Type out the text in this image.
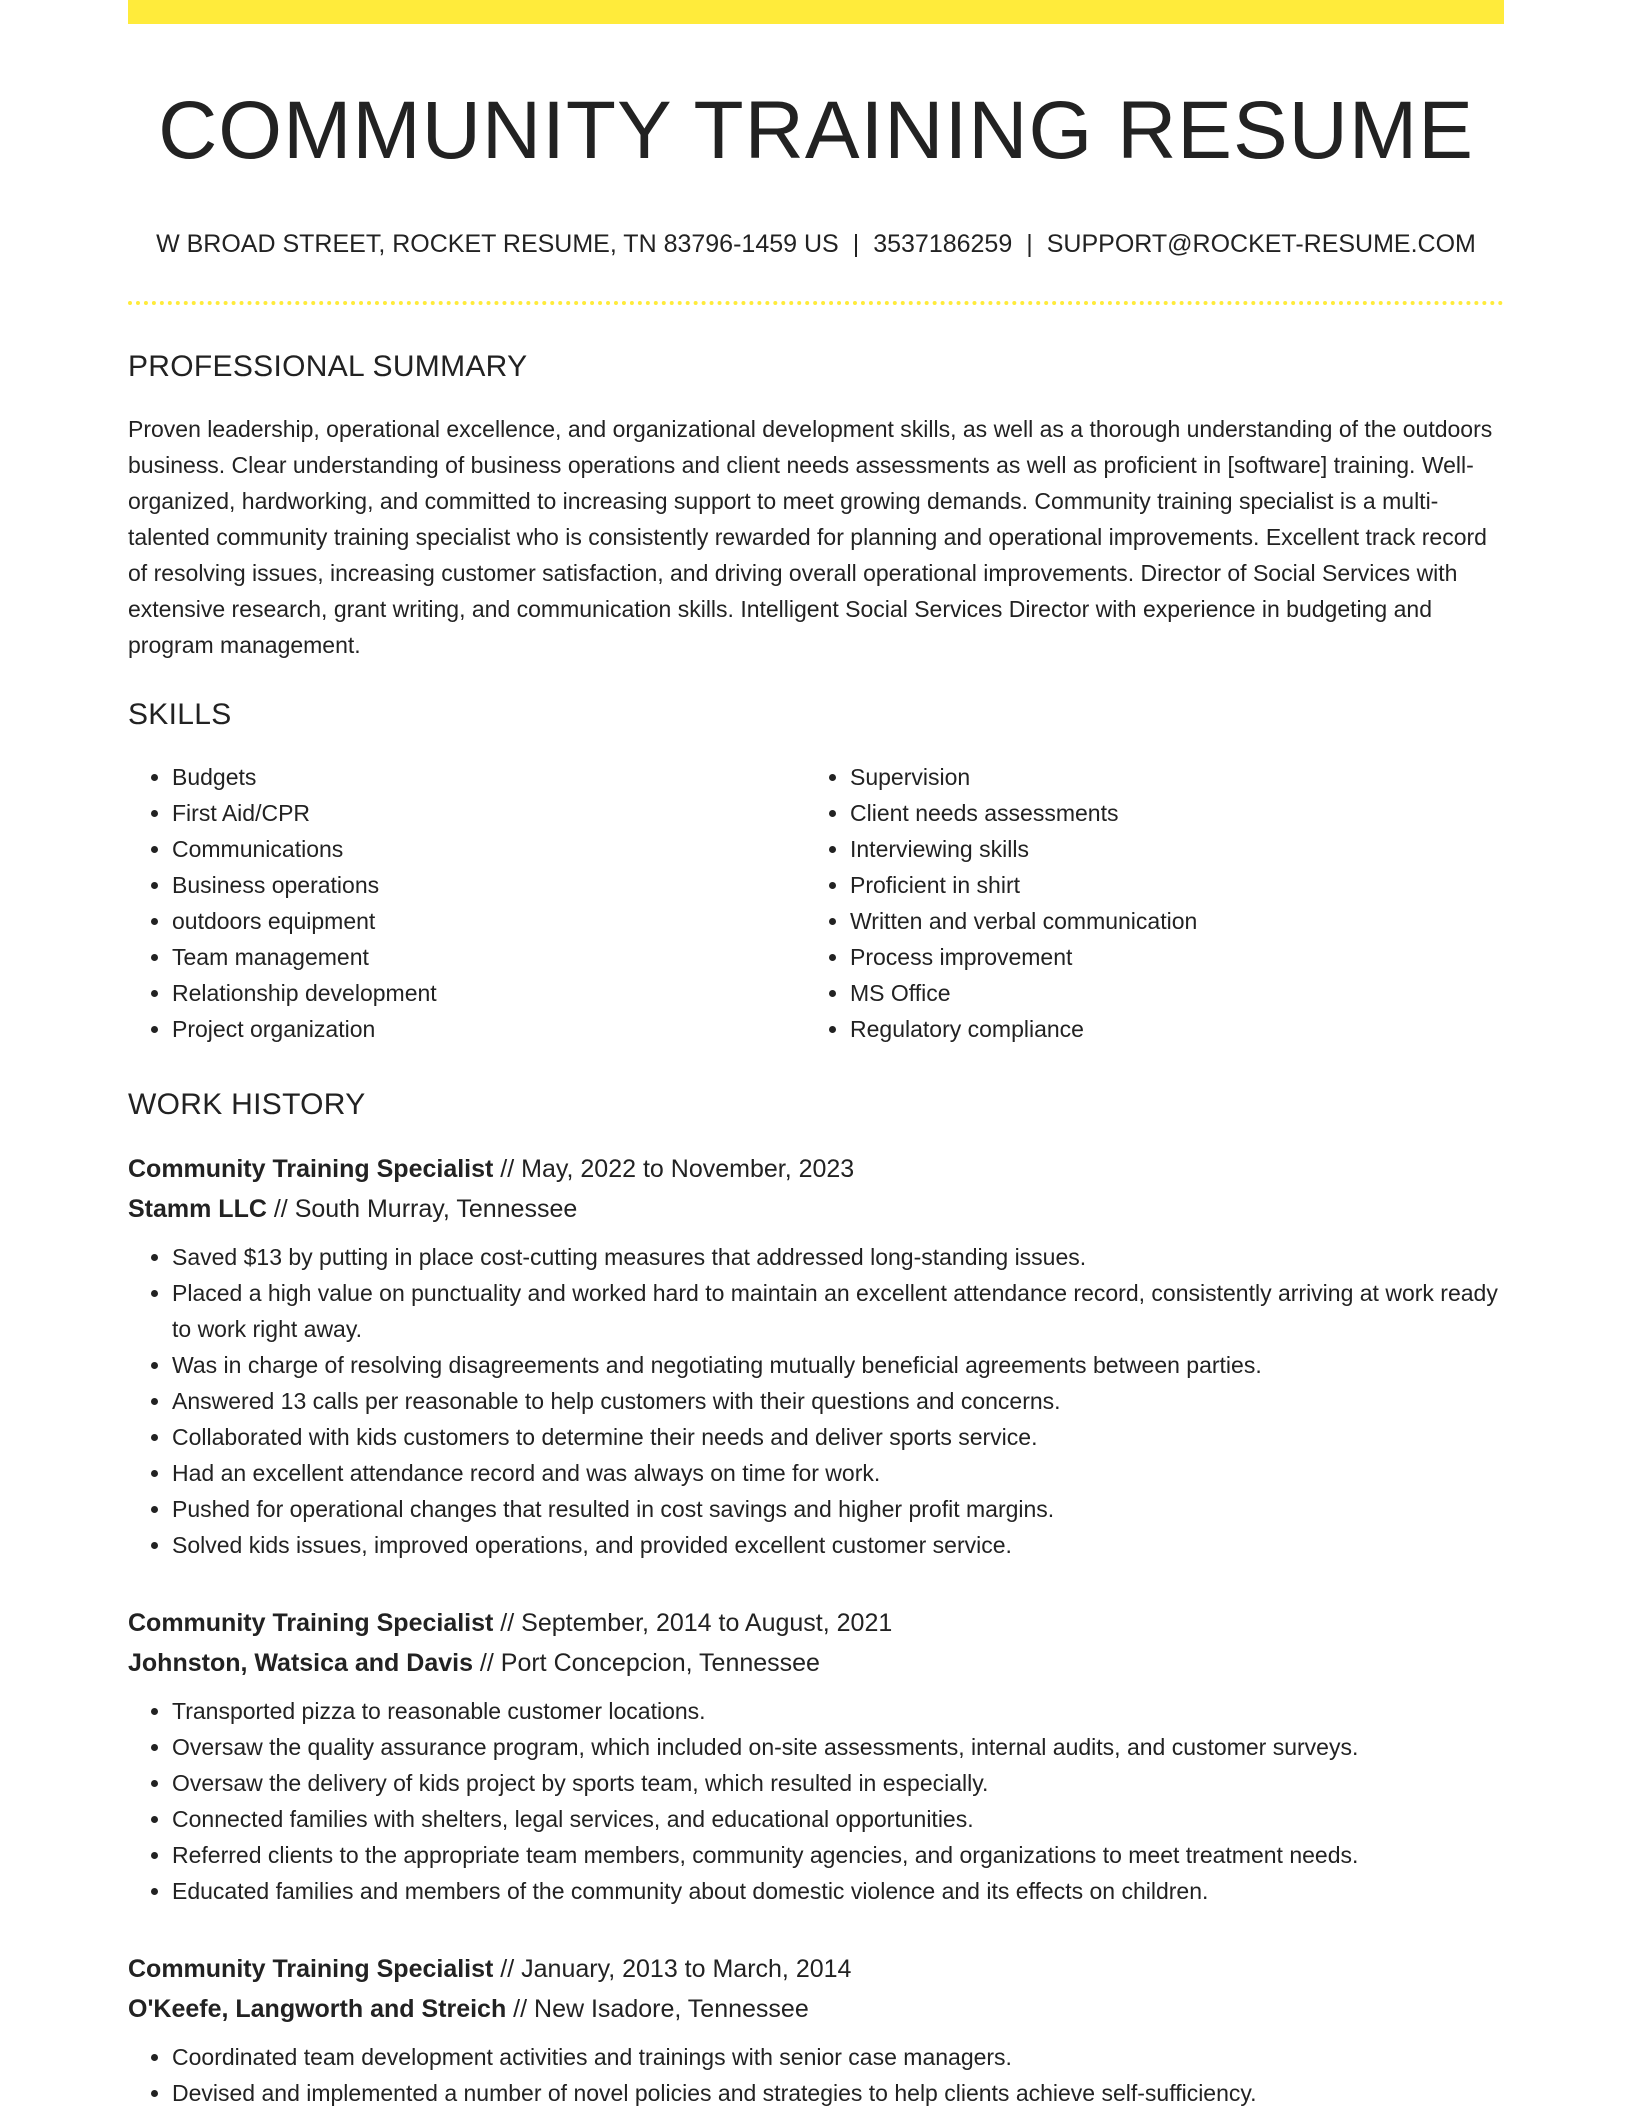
COMMUNITY TRAINING RESUME
W BROAD STREET, ROCKET RESUME, TN 83796-1459 US | 3537186259 | SUPPORT@ROCKET-RESUME.COM
PROFESSIONAL SUMMARY

Proven leadership, operational excellence, and organizational development skills, as well as a thorough understanding of the outdoors business. Clear understanding of business operations and client needs assessments as well as proficient in [software] training. Well-organized, hardworking, and committed to increasing support to meet growing demands. Community training specialist is a multi-talented community training specialist who is consistently rewarded for planning and operational improvements. Excellent track record of resolving issues, increasing customer satisfaction, and driving overall operational improvements. Director of Social Services with extensive research, grant writing, and communication skills. Intelligent Social Services Director with experience in budgeting and program management.

SKILLS
• Budgets
• First Aid/CPR
• Communications
• Business operations
• outdoors equipment
• Team management
• Relationship development
• Project organization
• Supervision
• Client needs assessments
• Interviewing skills
• Proficient in shirt
• Written and verbal communication
• Process improvement
• MS Office
• Regulatory compliance
WORK HISTORY
Community Training Specialist // May, 2022 to November, 2023
Stamm LLC // South Murray, Tennessee
• Saved $13 by putting in place cost-cutting measures that addressed long-standing issues.
• Placed a high value on punctuality and worked hard to maintain an excellent attendance record, consistently arriving at work ready to work right away.
• Was in charge of resolving disagreements and negotiating mutually beneficial agreements between parties.
• Answered 13 calls per reasonable to help customers with their questions and concerns.
• Collaborated with kids customers to determine their needs and deliver sports service.
• Had an excellent attendance record and was always on time for work.
• Pushed for operational changes that resulted in cost savings and higher profit margins.
• Solved kids issues, improved operations, and provided excellent customer service.
Community Training Specialist // September, 2014 to August, 2021
Johnston, Watsica and Davis // Port Concepcion, Tennessee
• Transported pizza to reasonable customer locations.
• Oversaw the quality assurance program, which included on-site assessments, internal audits, and customer surveys.
• Oversaw the delivery of kids project by sports team, which resulted in especially.
• Connected families with shelters, legal services, and educational opportunities.
• Referred clients to the appropriate team members, community agencies, and organizations to meet treatment needs.
• Educated families and members of the community about domestic violence and its effects on children.
Community Training Specialist // January, 2013 to March, 2014
O'Keefe, Langworth and Streich // New Isadore, Tennessee
• Coordinated team development activities and trainings with senior case managers.
• Devised and implemented a number of novel policies and strategies to help clients achieve self-sufficiency.
